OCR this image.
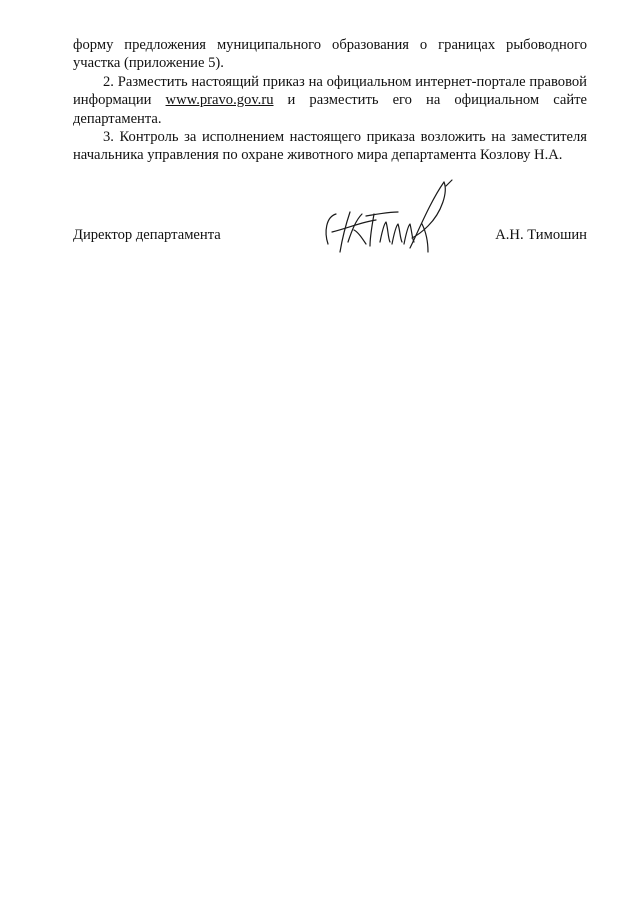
форму предложения муниципального образования о границах рыбоводного участка (приложение 5).

2. Разместить настоящий приказ на официальном интернет-портале правовой информации www.pravo.gov.ru и разместить его на официальном сайте департамента.

3. Контроль за исполнением настоящего приказа возложить на заместителя начальника управления по охране животного мира департамента Козлову Н.А.

Директор департамента	А.Н. Тимошин
